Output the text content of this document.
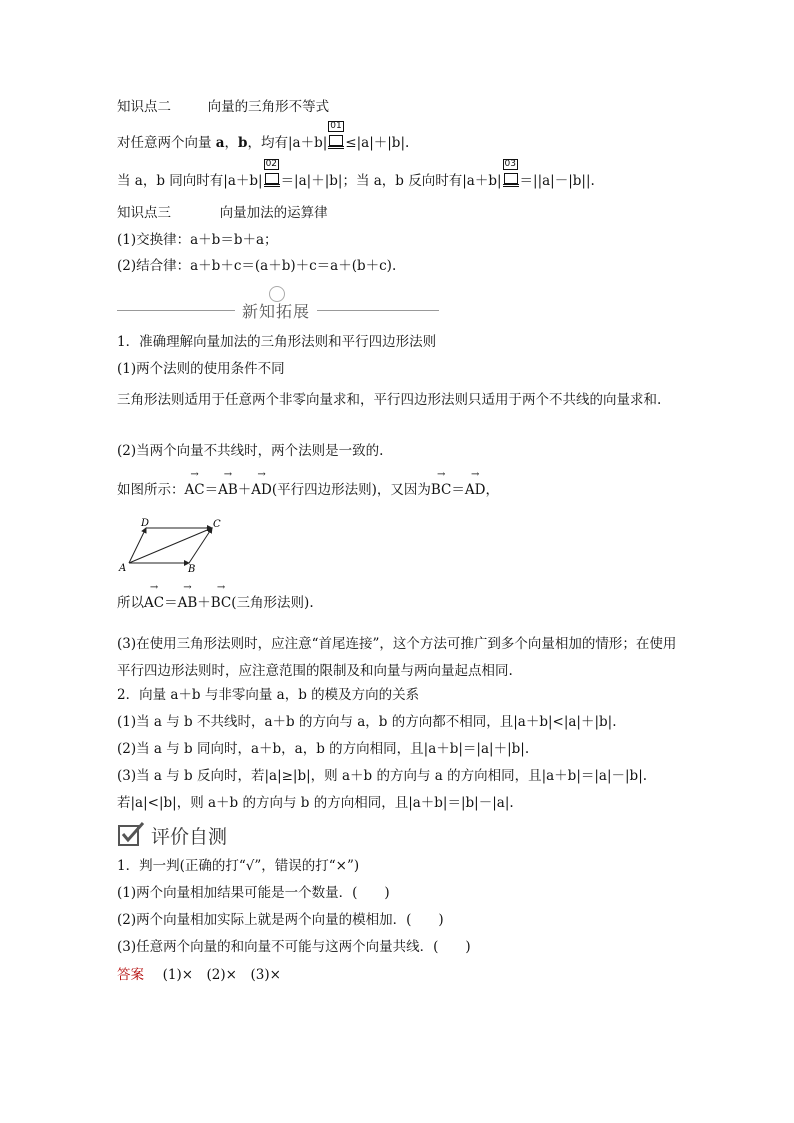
知识点二	向量的三角形不等式
对任意两个向量 a，b，均有|a＋b|
01
≤|a|＋|b|.
当 a，b 同向时有|a＋b|
02
＝|a|＋|b|；当 a，b 反向时有|a＋b|
03
＝||a|－|b||.
知识点三	向量加法的运算律
(1)交换律：a＋b＝b＋a；
(2)结合律：a＋b＋c＝(a＋b)＋c＝a＋(b＋c).
新知拓展
1．准确理解向量加法的三角形法则和平行四边形法则
(1)两个法则的使用条件不同
三角形法则适用于任意两个非零向量求和，平行四边形法则只适用于两个不共线的向量求和.
(2)当两个向量不共线时，两个法则是一致的.
如图所示：→ AC＝→ AB＋→ AD(平行四边形法则)，又因为→ BC＝→ AD，
A	B
C
D
所以→ AC＝→ AB＋→ BC(三角形法则).
(3)在使用三角形法则时，应注意“首尾连接”，这个方法可推广到多个向量相加的情形；在使用平行四边形法则时，应注意范围的限制及和向量与两向量起点相同.
2．向量 a＋b 与非零向量 a，b 的模及方向的关系
(1)当 a 与 b 不共线时，a＋b 的方向与 a，b 的方向都不相同，且|a＋b|<|a|＋|b|.
(2)当 a 与 b 同向时，a＋b，a，b 的方向相同，且|a＋b|＝|a|＋|b|.
(3)当 a 与 b 反向时，若|a|≥|b|，则 a＋b 的方向与 a 的方向相同，且|a＋b|＝|a|－|b|.
若|a|<|b|，则 a＋b 的方向与 b 的方向相同，且|a＋b|＝|b|－|a|.
评价自测
1．判一判(正确的打“√”，错误的打“×”)
(1)两个向量相加结果可能是一个数量．(　　)
(2)两个向量相加实际上就是两个向量的模相加．(　　)
(3)任意两个向量的和向量不可能与这两个向量共线．(　　)
答案 (1)×　(2)×　(3)×
